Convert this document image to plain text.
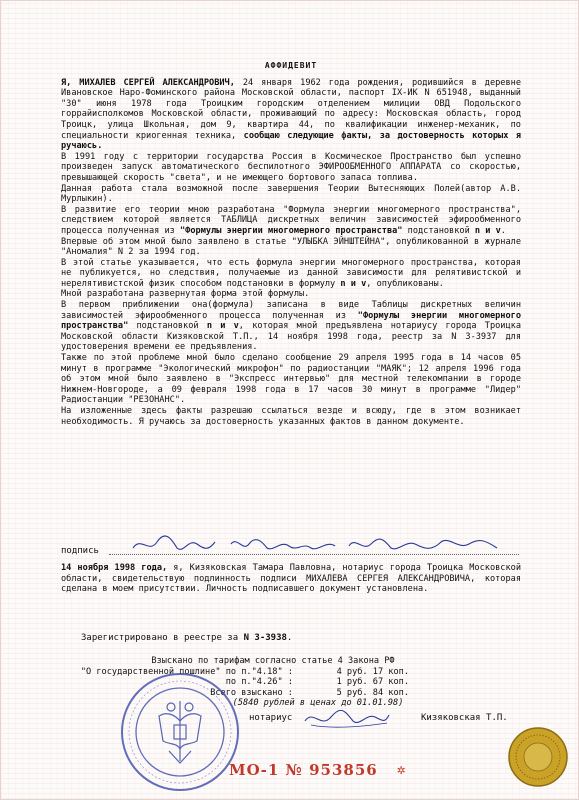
АФФИДЕВИТ

Я, МИХАЛЕВ СЕРГЕЙ АЛЕКСАНДРОВИЧ, 24 января 1962 года рождения, родившийся в деревне Ивановское Наро-Фоминского района Московской области, паспорт IX-ИК N 651948, выданный "30" июня 1978 года Троицким городским отделением милиции ОВД Подольского горрайисполкомов Московской области, проживающий по адресу: Московская область, город Троицк, улица Школьная, дом 9, квартира 44, по квалификации инженер-механик, по специальности криогенная техника, сообщаю следующие факты, за достоверность которых я ручаюсь.

В 1991 году с территории государства Россия в Космическое Пространство был успешно произведен запуск автоматического беспилотного ЭФИРООБМЕННОГО АППАРАТА со скоростью, превышающей скорость "света", и не имеющего бортового запаса топлива.

Данная работа стала возможной после завершения Теории Вытесняющих Полей(автор А.В. Мурлыкин).

В развитие его теории мною разработана "Формула энергии многомерного пространства", следствием которой является ТАБЛИЦА дискретных величин зависимостей эфирообменного процесса полученная из "Формулы энергии многомерного пространства" подстановкой n и v.

Впервые об этом мной было заявлено в статье "УЛЫБКА ЭЙНШТЕЙНА", опубликованной в журнале "Аномалия" N 2 за 1994 год.

В этой статье указывается, что есть формула энергии многомерного пространства, которая не публикуется, но следствия, получаемые из данной зависимости для релятивистской и нерелятивистской физик способом подстановки в формулу n и v, опубликованы.

Мной разработана развернутая форма этой формулы.

В первом приближении она(формула) записана в виде Таблицы дискретных величин зависимостей эфирообменного процесса полученная из "Формулы энергии многомерного пространства" подстановкой n и v, которая мной предъявлена нотариусу города Троицка Московской области Кизяковской Т.П., 14 ноября 1998 года, реестр за N 3-3937 для удостоверения времени ее предъявления.

Также по этой проблеме мной было сделано сообщение 29 апреля 1995 года в 14 часов 05 минут в программе "Экологический микрофон" по радиостанции "МАЯК"; 12 апреля 1996 года об этом мной было заявлено в "Экспресс интервью" для местной телекомпании в городе Нижнем-Новгороде, а 09 февраля 1998 года в 17 часов 30 минут в программе "Лидер" Радиостанции "РЕЗОНАНС".

На изложенные здесь факты разрешаю ссылаться везде и всюду, где в этом возникает необходимость. Я ручаюсь за достоверность указанных фактов в данном документе.

подпись

14 ноября 1998 года, я, Кизяковская Тамара Павловна, нотариус города Троицка Московской области, свидетельствую подлинность подписи МИХАЛЕВА СЕРГЕЯ АЛЕКСАНДРОВИЧА, которая сделана в моем присутствии. Личность подписавшего документ установлена.

Зарегистрировано в реестре за N 3-3938.
Взыскано по тарифам согласно статье 4 Закона РФ
"О государственной пошлине" по п."4.18" :	4 руб. 17 коп.
по п."4.26" :	1 руб. 67 коп.
Всего взыскано :	5 руб. 84 коп.
(5840 рублей в ценах до 01.01.98)
нотариус	Кизяковская Т.П.
МО-1 № 953856 ✲
